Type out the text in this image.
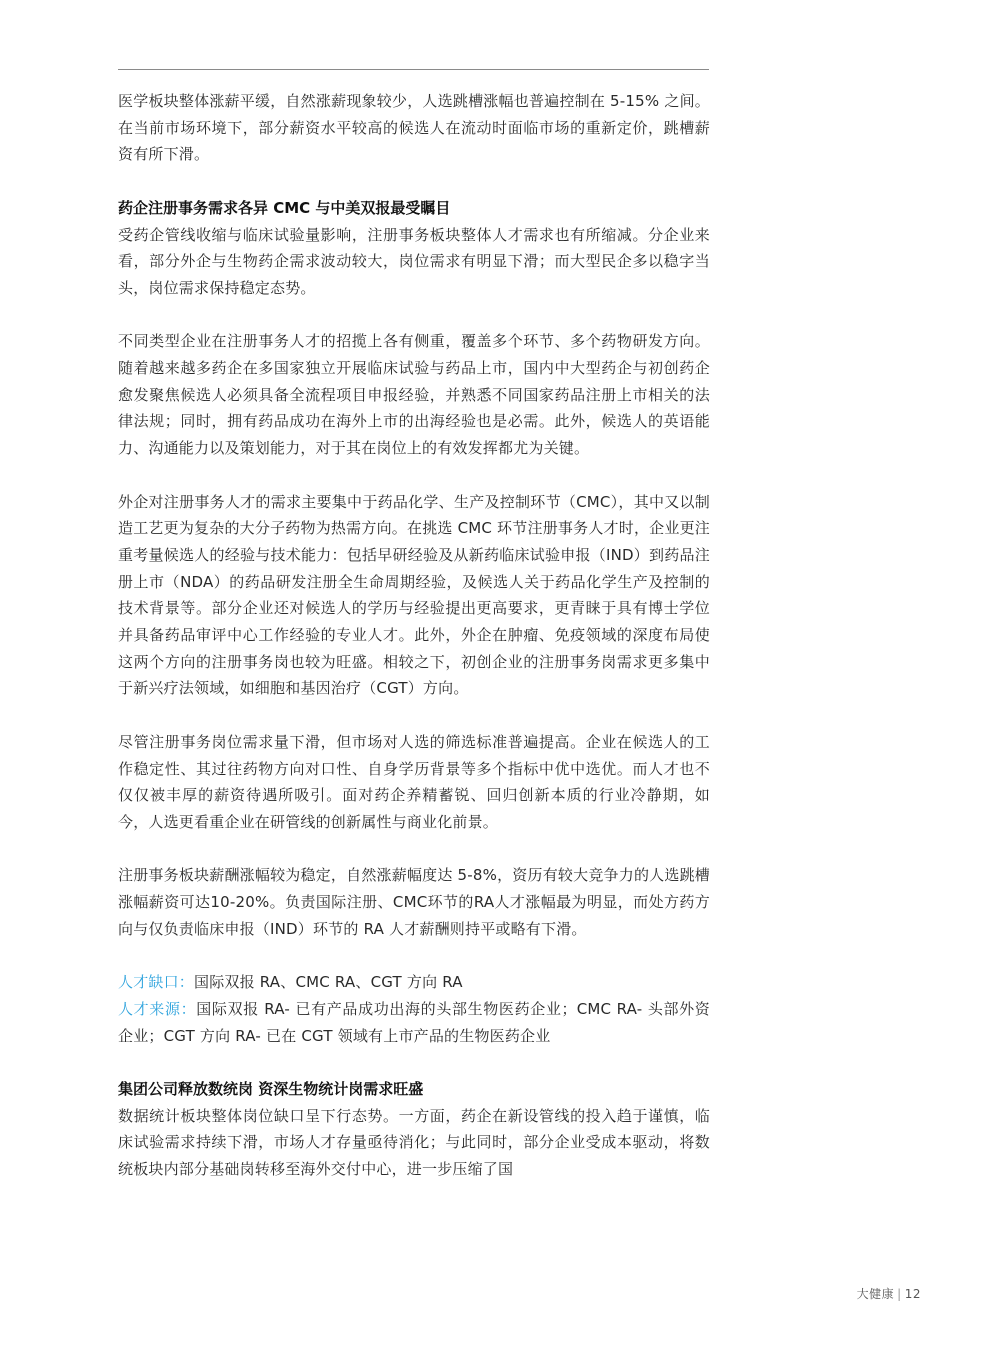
医学板块整体涨薪平缓，自然涨薪现象较少，人选跳槽涨幅也普遍控制在 5-15% 之间。在当前市场环境下，部分薪资水平较高的候选人在流动时面临市场的重新定价，跳槽薪资有所下滑。

药企注册事务需求各异 CMC 与中美双报最受瞩目

受药企管线收缩与临床试验量影响，注册事务板块整体人才需求也有所缩减。分企业来看，部分外企与生物药企需求波动较大，岗位需求有明显下滑；而大型民企多以稳字当头，岗位需求保持稳定态势。

不同类型企业在注册事务人才的招揽上各有侧重，覆盖多个环节、多个药物研发方向。随着越来越多药企在多国家独立开展临床试验与药品上市，国内中大型药企与初创药企愈发聚焦候选人必须具备全流程项目申报经验，并熟悉不同国家药品注册上市相关的法律法规；同时，拥有药品成功在海外上市的出海经验也是必需。此外，候选人的英语能力、沟通能力以及策划能力，对于其在岗位上的有效发挥都尤为关键。

外企对注册事务人才的需求主要集中于药品化学、生产及控制环节（CMC），其中又以制造工艺更为复杂的大分子药物为热需方向。在挑选 CMC 环节注册事务人才时，企业更注重考量候选人的经验与技术能力：包括早研经验及从新药临床试验申报（IND）到药品注册上市（NDA）的药品研发注册全生命周期经验，及候选人关于药品化学生产及控制的技术背景等。部分企业还对候选人的学历与经验提出更高要求，更青睐于具有博士学位并具备药品审评中心工作经验的专业人才。此外，外企在肿瘤、免疫领域的深度布局使这两个方向的注册事务岗也较为旺盛。相较之下，初创企业的注册事务岗需求更多集中于新兴疗法领域，如细胞和基因治疗（CGT）方向。

尽管注册事务岗位需求量下滑，但市场对人选的筛选标准普遍提高。企业在候选人的工作稳定性、其过往药物方向对口性、自身学历背景等多个指标中优中选优。而人才也不仅仅被丰厚的薪资待遇所吸引。面对药企养精蓄锐、回归创新本质的行业冷静期，如今，人选更看重企业在研管线的创新属性与商业化前景。

注册事务板块薪酬涨幅较为稳定，自然涨薪幅度达 5-8%，资历有较大竞争力的人选跳槽涨幅薪资可达10-20%。负责国际注册、CMC环节的RA人才涨幅最为明显，而处方药方向与仅负责临床申报（IND）环节的 RA 人才薪酬则持平或略有下滑。

人才缺口：国际双报 RA、CMC RA、CGT 方向 RA

人才来源：国际双报 RA- 已有产品成功出海的头部生物医药企业；CMC RA- 头部外资企业；CGT 方向 RA- 已在 CGT 领域有上市产品的生物医药企业

集团公司释放数统岗 资深生物统计岗需求旺盛

数据统计板块整体岗位缺口呈下行态势。一方面，药企在新设管线的投入趋于谨慎，临床试验需求持续下滑，市场人才存量亟待消化；与此同时，部分企业受成本驱动，将数统板块内部分基础岗转移至海外交付中心，进一步压缩了国

大健康 | 12
